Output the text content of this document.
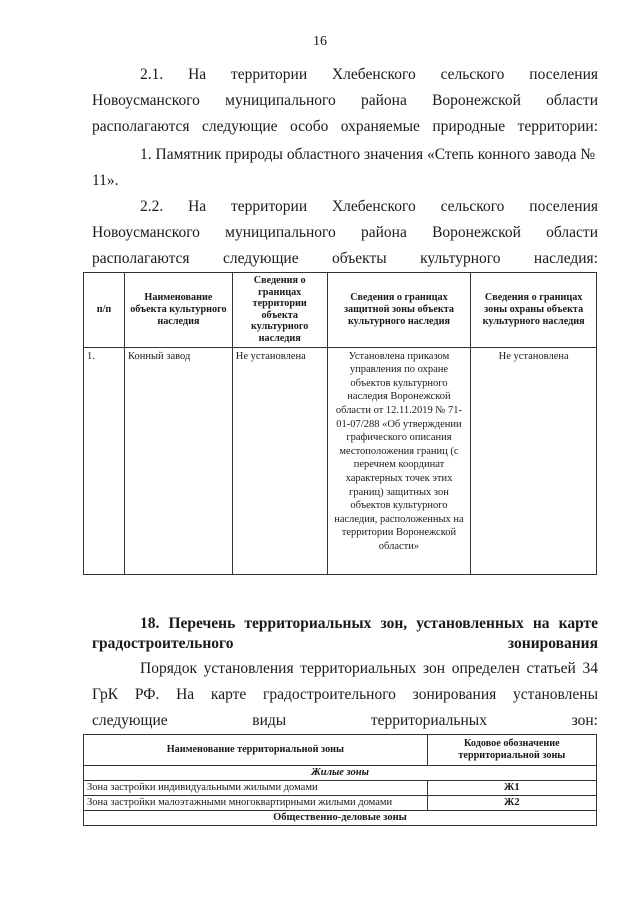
16
2.1. На территории Хлебенского сельского поселения Новоусманского муниципального района Воронежской области располагаются следующие особо охраняемые природные территории:
1. Памятник природы областного значения «Степь конного завода № 11».
2.2. На территории Хлебенского сельского поселения Новоусманского муниципального района Воронежской области располагаются следующие объекты культурного наследия:
п/п	Наименование объекта культурного наследия	Сведения о границах территории объекта культурного наследия	Сведения о границах защитной зоны объекта культурного наследия	Сведения о границах зоны охраны объекта культурного наследия
1.	Конный завод	Не установлена	Установлена приказом управления по охране объектов культурного наследия Воронежской области от 12.11.2019 № 71-01-07/288 «Об утверждении графического описания местоположения границ (с перечнем координат характерных точек этих границ) защитных зон объектов культурного наследия, расположенных на территории Воронежской области»	Не установлена
18. Перечень территориальных зон, установленных на карте градостроительного зонирования
Порядок установления территориальных зон определен статьей 34 ГрК РФ. На карте градостроительного зонирования установлены следующие виды территориальных зон:
Наименование территориальной зоны	Кодовое обозначение территориальной зоны
Жилые зоны	
Зона застройки индивидуальными жилыми домами	Ж1
Зона застройки малоэтажными многоквартирными жилыми домами	Ж2
Общественно-деловые зоны	
